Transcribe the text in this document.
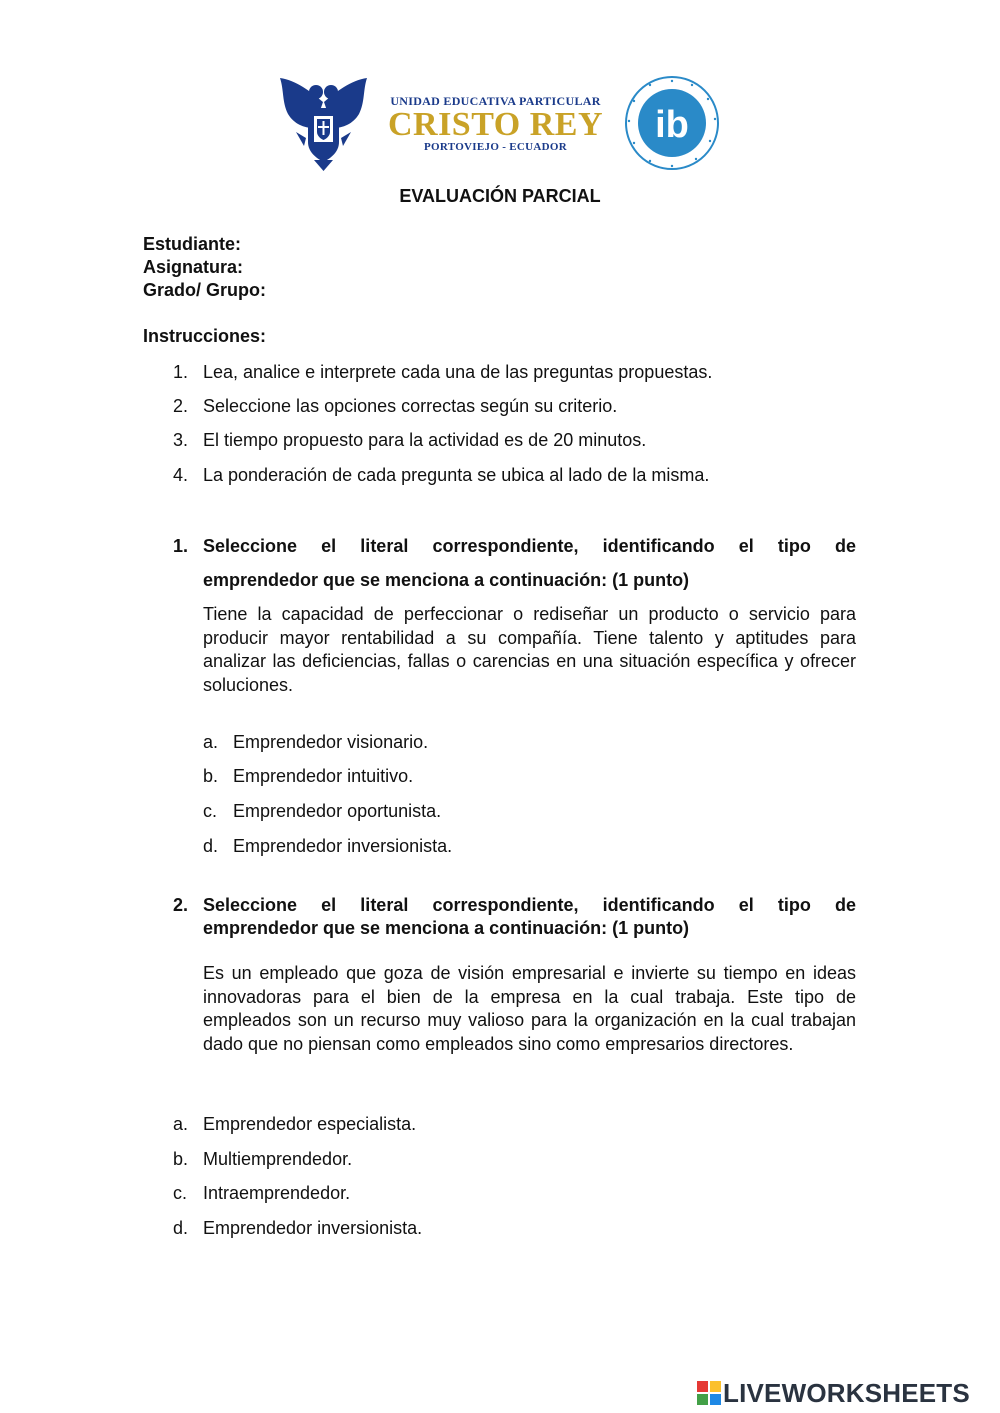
UNIDAD EDUCATIVA PARTICULAR
CRISTO REY
PORTOVIEJO - ECUADOR
ib
EVALUACIÓN PARCIAL
Estudiante:
Asignatura:
Grado/ Grupo:
Instrucciones:
1. Lea, analice e interprete cada una de las preguntas propuestas.
2. Seleccione las opciones correctas según su criterio.
3. El tiempo propuesto para la actividad es de 20 minutos.
4. La ponderación de cada pregunta se ubica al lado de la misma.
1. Seleccione el literal correspondiente, identificando el tipo de
emprendedor que se menciona a continuación: (1 punto)
Tiene la capacidad de perfeccionar o rediseñar un producto o servicio para producir mayor rentabilidad a su compañía. Tiene talento y aptitudes para analizar las deficiencias, fallas o carencias en una situación específica y ofrecer soluciones.
a. Emprendedor visionario.
b. Emprendedor intuitivo.
c. Emprendedor oportunista.
d. Emprendedor inversionista.
2. Seleccione el literal correspondiente, identificando el tipo de
emprendedor que se menciona a continuación: (1 punto)
Es un empleado que goza de visión empresarial e invierte su tiempo en ideas innovadoras para el bien de la empresa en la cual trabaja. Este tipo de empleados son un recurso muy valioso para la organización en la cual trabajan dado que no piensan como empleados sino como empresarios directores.
a. Emprendedor especialista.
b. Multiemprendedor.
c. Intraemprendedor.
d. Emprendedor inversionista.
LIVEWORKSHEETS
